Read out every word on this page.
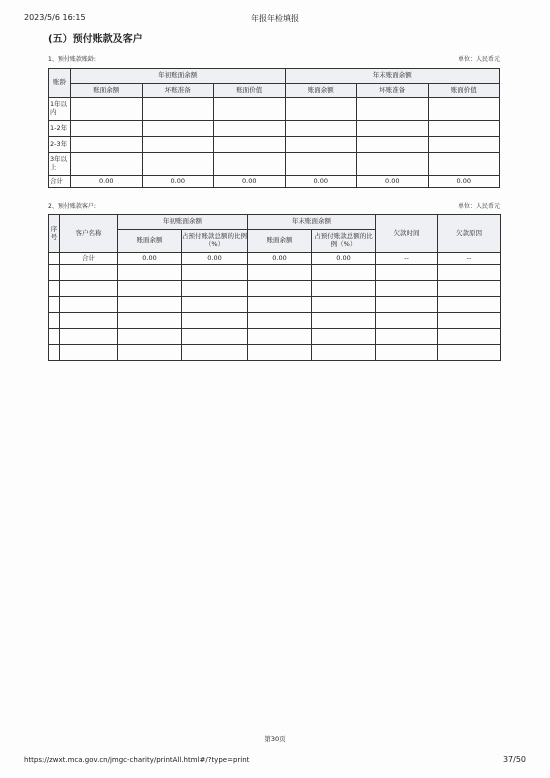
2023/5/6 16:15	年报年检填报
(五）预付账款及客户
1、预付账款账龄:	单位：人民币元
账龄	年初账面余额			年末账面余额		
	账面余额	坏账准备	账面价值	账面余额	坏账准备	账面价值
1年以内						
1-2年						
2-3年						
3年以上						
合计	0.00	0.00	0.00	0.00	0.00	0.00
2、预付账款客户:	单位：人民币元
序号	客户名称	年初账面余额		年末账面余额		欠款时间	欠款原因
		账面余额	占预付账款总额的比例（%）	账面余额	占预付账款总额的比例（%）		
	合计	0.00	0.00	0.00	0.00	--	--

第30页
https://zwxt.mca.gov.cn/jmgc-charity/printAll.html#/?type=print	37/50
